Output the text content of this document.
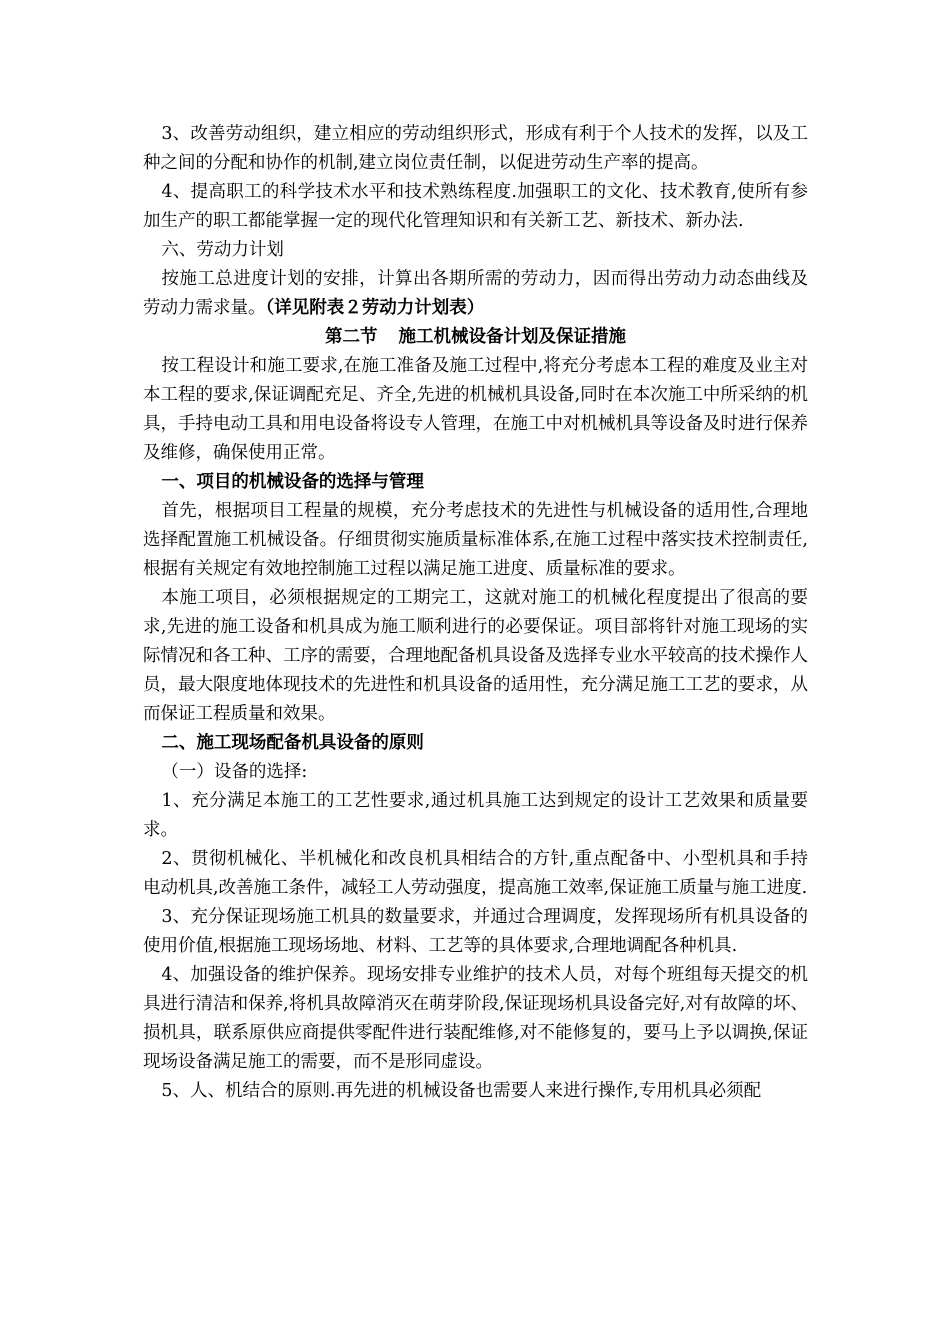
3、改善劳动组织，建立相应的劳动组织形式，形成有利于个人技术的发挥，以及工种之间的分配和协作的机制,建立岗位责任制，以促进劳动生产率的提高。

4、提高职工的科学技术水平和技术熟练程度.加强职工的文化、技术教育,使所有参加生产的职工都能掌握一定的现代化管理知识和有关新工艺、新技术、新办法.

六、劳动力计划

按施工总进度计划的安排，计算出各期所需的劳动力，因而得出劳动力动态曲线及劳动力需求量。（详见附表２劳动力计划表）

第二节 施工机械设备计划及保证措施

按工程设计和施工要求,在施工准备及施工过程中,将充分考虑本工程的难度及业主对本工程的要求,保证调配充足、齐全,先进的机械机具设备,同时在本次施工中所采纳的机具，手持电动工具和用电设备将设专人管理，在施工中对机械机具等设备及时进行保养及维修，确保使用正常。

一、项目的机械设备的选择与管理

首先，根据项目工程量的规模，充分考虑技术的先进性与机械设备的适用性,合理地选择配置施工机械设备。仔细贯彻实施质量标准体系,在施工过程中落实技术控制责任,根据有关规定有效地控制施工过程以满足施工进度、质量标准的要求。

本施工项目，必须根据规定的工期完工，这就对施工的机械化程度提出了很高的要求,先进的施工设备和机具成为施工顺利进行的必要保证。项目部将针对施工现场的实际情况和各工种、工序的需要，合理地配备机具设备及选择专业水平较高的技术操作人员，最大限度地体现技术的先进性和机具设备的适用性，充分满足施工工艺的要求，从而保证工程质量和效果。

二、施工现场配备机具设备的原则

（一）设备的选择:

1、充分满足本施工的工艺性要求,通过机具施工达到规定的设计工艺效果和质量要求。

2、贯彻机械化、半机械化和改良机具相结合的方针,重点配备中、小型机具和手持电动机具,改善施工条件，减轻工人劳动强度，提高施工效率,保证施工质量与施工进度.

3、充分保证现场施工机具的数量要求，并通过合理调度，发挥现场所有机具设备的使用价值,根据施工现场场地、材料、工艺等的具体要求,合理地调配各种机具.

4、加强设备的维护保养。现场安排专业维护的技术人员，对每个班组每天提交的机具进行清洁和保养,将机具故障消灭在萌芽阶段,保证现场机具设备完好,对有故障的坏、损机具，联系原供应商提供零配件进行装配维修,对不能修复的，要马上予以调换,保证现场设备满足施工的需要，而不是形同虚设。

5、人、机结合的原则.再先进的机械设备也需要人来进行操作,专用机具必须配
